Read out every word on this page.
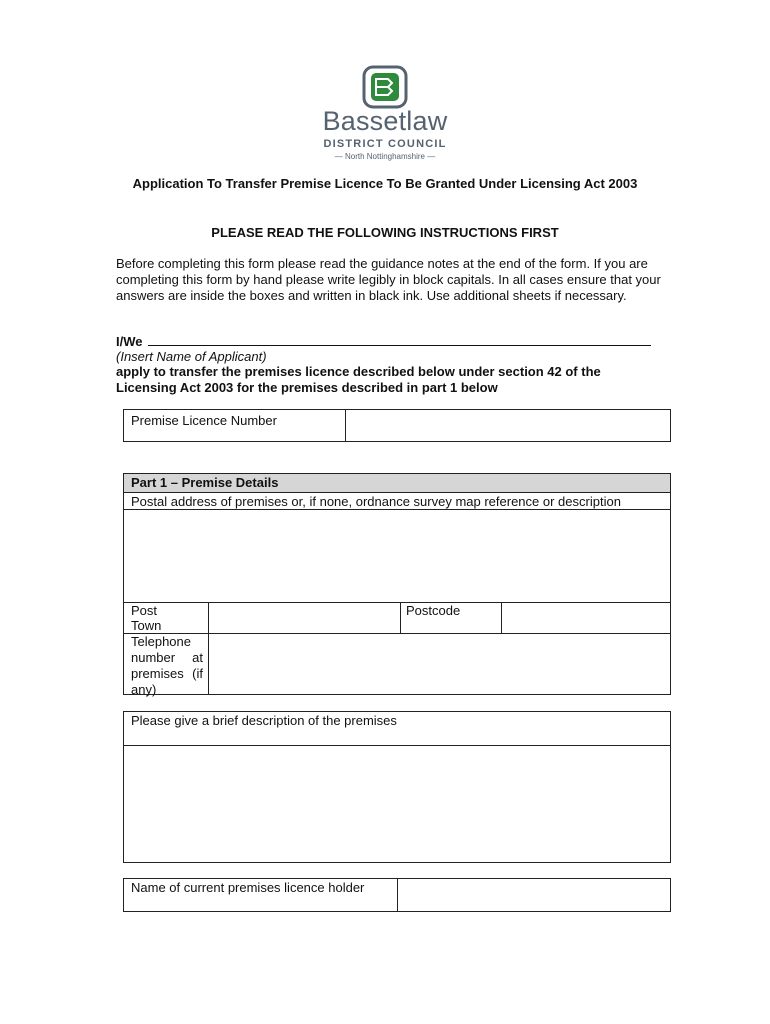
Bassetlaw
DISTRICT COUNCIL
— North Nottinghamshire —
Application To Transfer Premise Licence To Be Granted Under Licensing Act 2003
PLEASE READ THE FOLLOWING INSTRUCTIONS FIRST
Before completing this form please read the guidance notes at the end of the form. If you are completing this form by hand please write legibly in block capitals. In all cases ensure that your answers are inside the boxes and written in black ink. Use additional sheets if necessary.
I/We
(Insert Name of Applicant)
apply to transfer the premises licence described below under section 42 of the Licensing Act 2003 for the premises described in part 1 below
Premise Licence Number
Part 1 – Premise Details
Postal address of premises or, if none, ordnance survey map reference or description
Post
Town
Postcode
Telephone number at premises (if any)
Please give a brief description of the premises
Name of current premises licence holder
